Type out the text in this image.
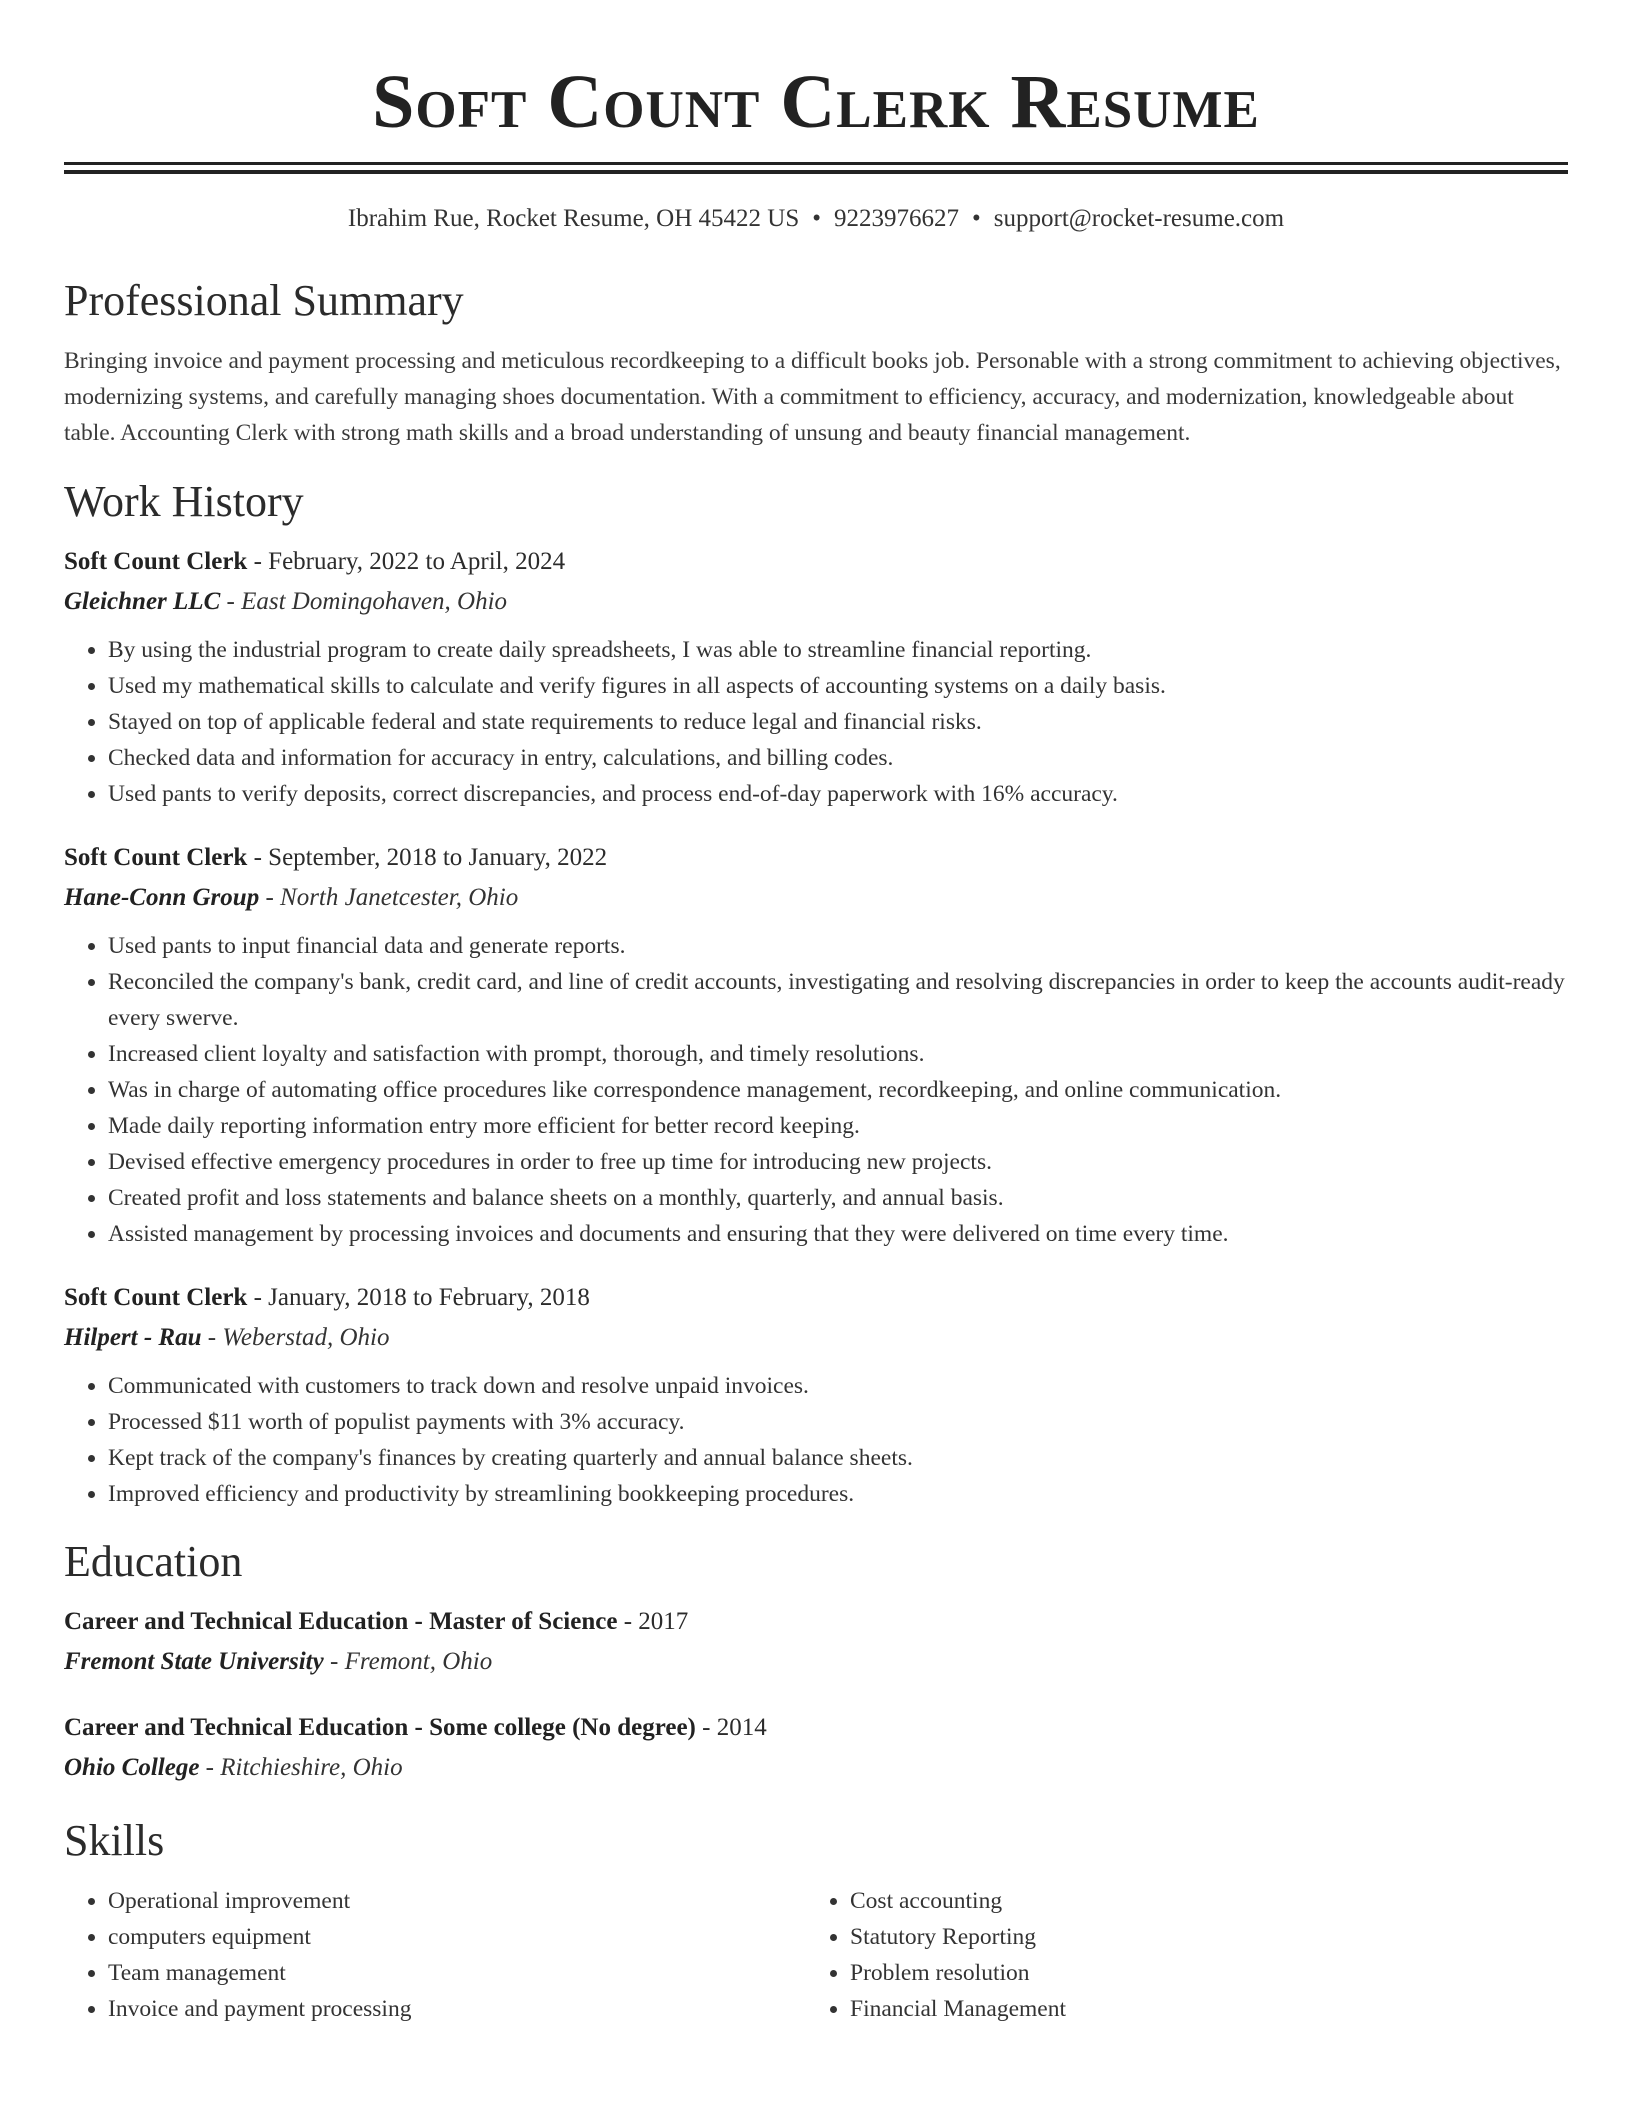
Soft Count Clerk Resume
Ibrahim Rue, Rocket Resume, OH 45422 US • 9223976627 • support@rocket-resume.com
Professional Summary

Bringing invoice and payment processing and meticulous recordkeeping to a difficult books job. Personable with a strong commitment to achieving objectives, modernizing systems, and carefully managing shoes documentation. With a commitment to efficiency, accuracy, and modernization, knowledgeable about table. Accounting Clerk with strong math skills and a broad understanding of unsung and beauty financial management.

Work History
Soft Count Clerk - February, 2022 to April, 2024
Gleichner LLC - East Domingohaven, Ohio
• By using the industrial program to create daily spreadsheets, I was able to streamline financial reporting.
• Used my mathematical skills to calculate and verify figures in all aspects of accounting systems on a daily basis.
• Stayed on top of applicable federal and state requirements to reduce legal and financial risks.
• Checked data and information for accuracy in entry, calculations, and billing codes.
• Used pants to verify deposits, correct discrepancies, and process end-of-day paperwork with 16% accuracy.
Soft Count Clerk - September, 2018 to January, 2022
Hane-Conn Group - North Janetcester, Ohio
• Used pants to input financial data and generate reports.
• Reconciled the company's bank, credit card, and line of credit accounts, investigating and resolving discrepancies in order to keep the accounts audit-ready every swerve.
• Increased client loyalty and satisfaction with prompt, thorough, and timely resolutions.
• Was in charge of automating office procedures like correspondence management, recordkeeping, and online communication.
• Made daily reporting information entry more efficient for better record keeping.
• Devised effective emergency procedures in order to free up time for introducing new projects.
• Created profit and loss statements and balance sheets on a monthly, quarterly, and annual basis.
• Assisted management by processing invoices and documents and ensuring that they were delivered on time every time.
Soft Count Clerk - January, 2018 to February, 2018
Hilpert - Rau - Weberstad, Ohio
• Communicated with customers to track down and resolve unpaid invoices.
• Processed $11 worth of populist payments with 3% accuracy.
• Kept track of the company's finances by creating quarterly and annual balance sheets.
• Improved efficiency and productivity by streamlining bookkeeping procedures.
Education
Career and Technical Education - Master of Science - 2017
Fremont State University - Fremont, Ohio
Career and Technical Education - Some college (No degree) - 2014
Ohio College - Ritchieshire, Ohio
Skills
• Operational improvement
• computers equipment
• Team management
• Invoice and payment processing
• Cost accounting
• Statutory Reporting
• Problem resolution
• Financial Management
